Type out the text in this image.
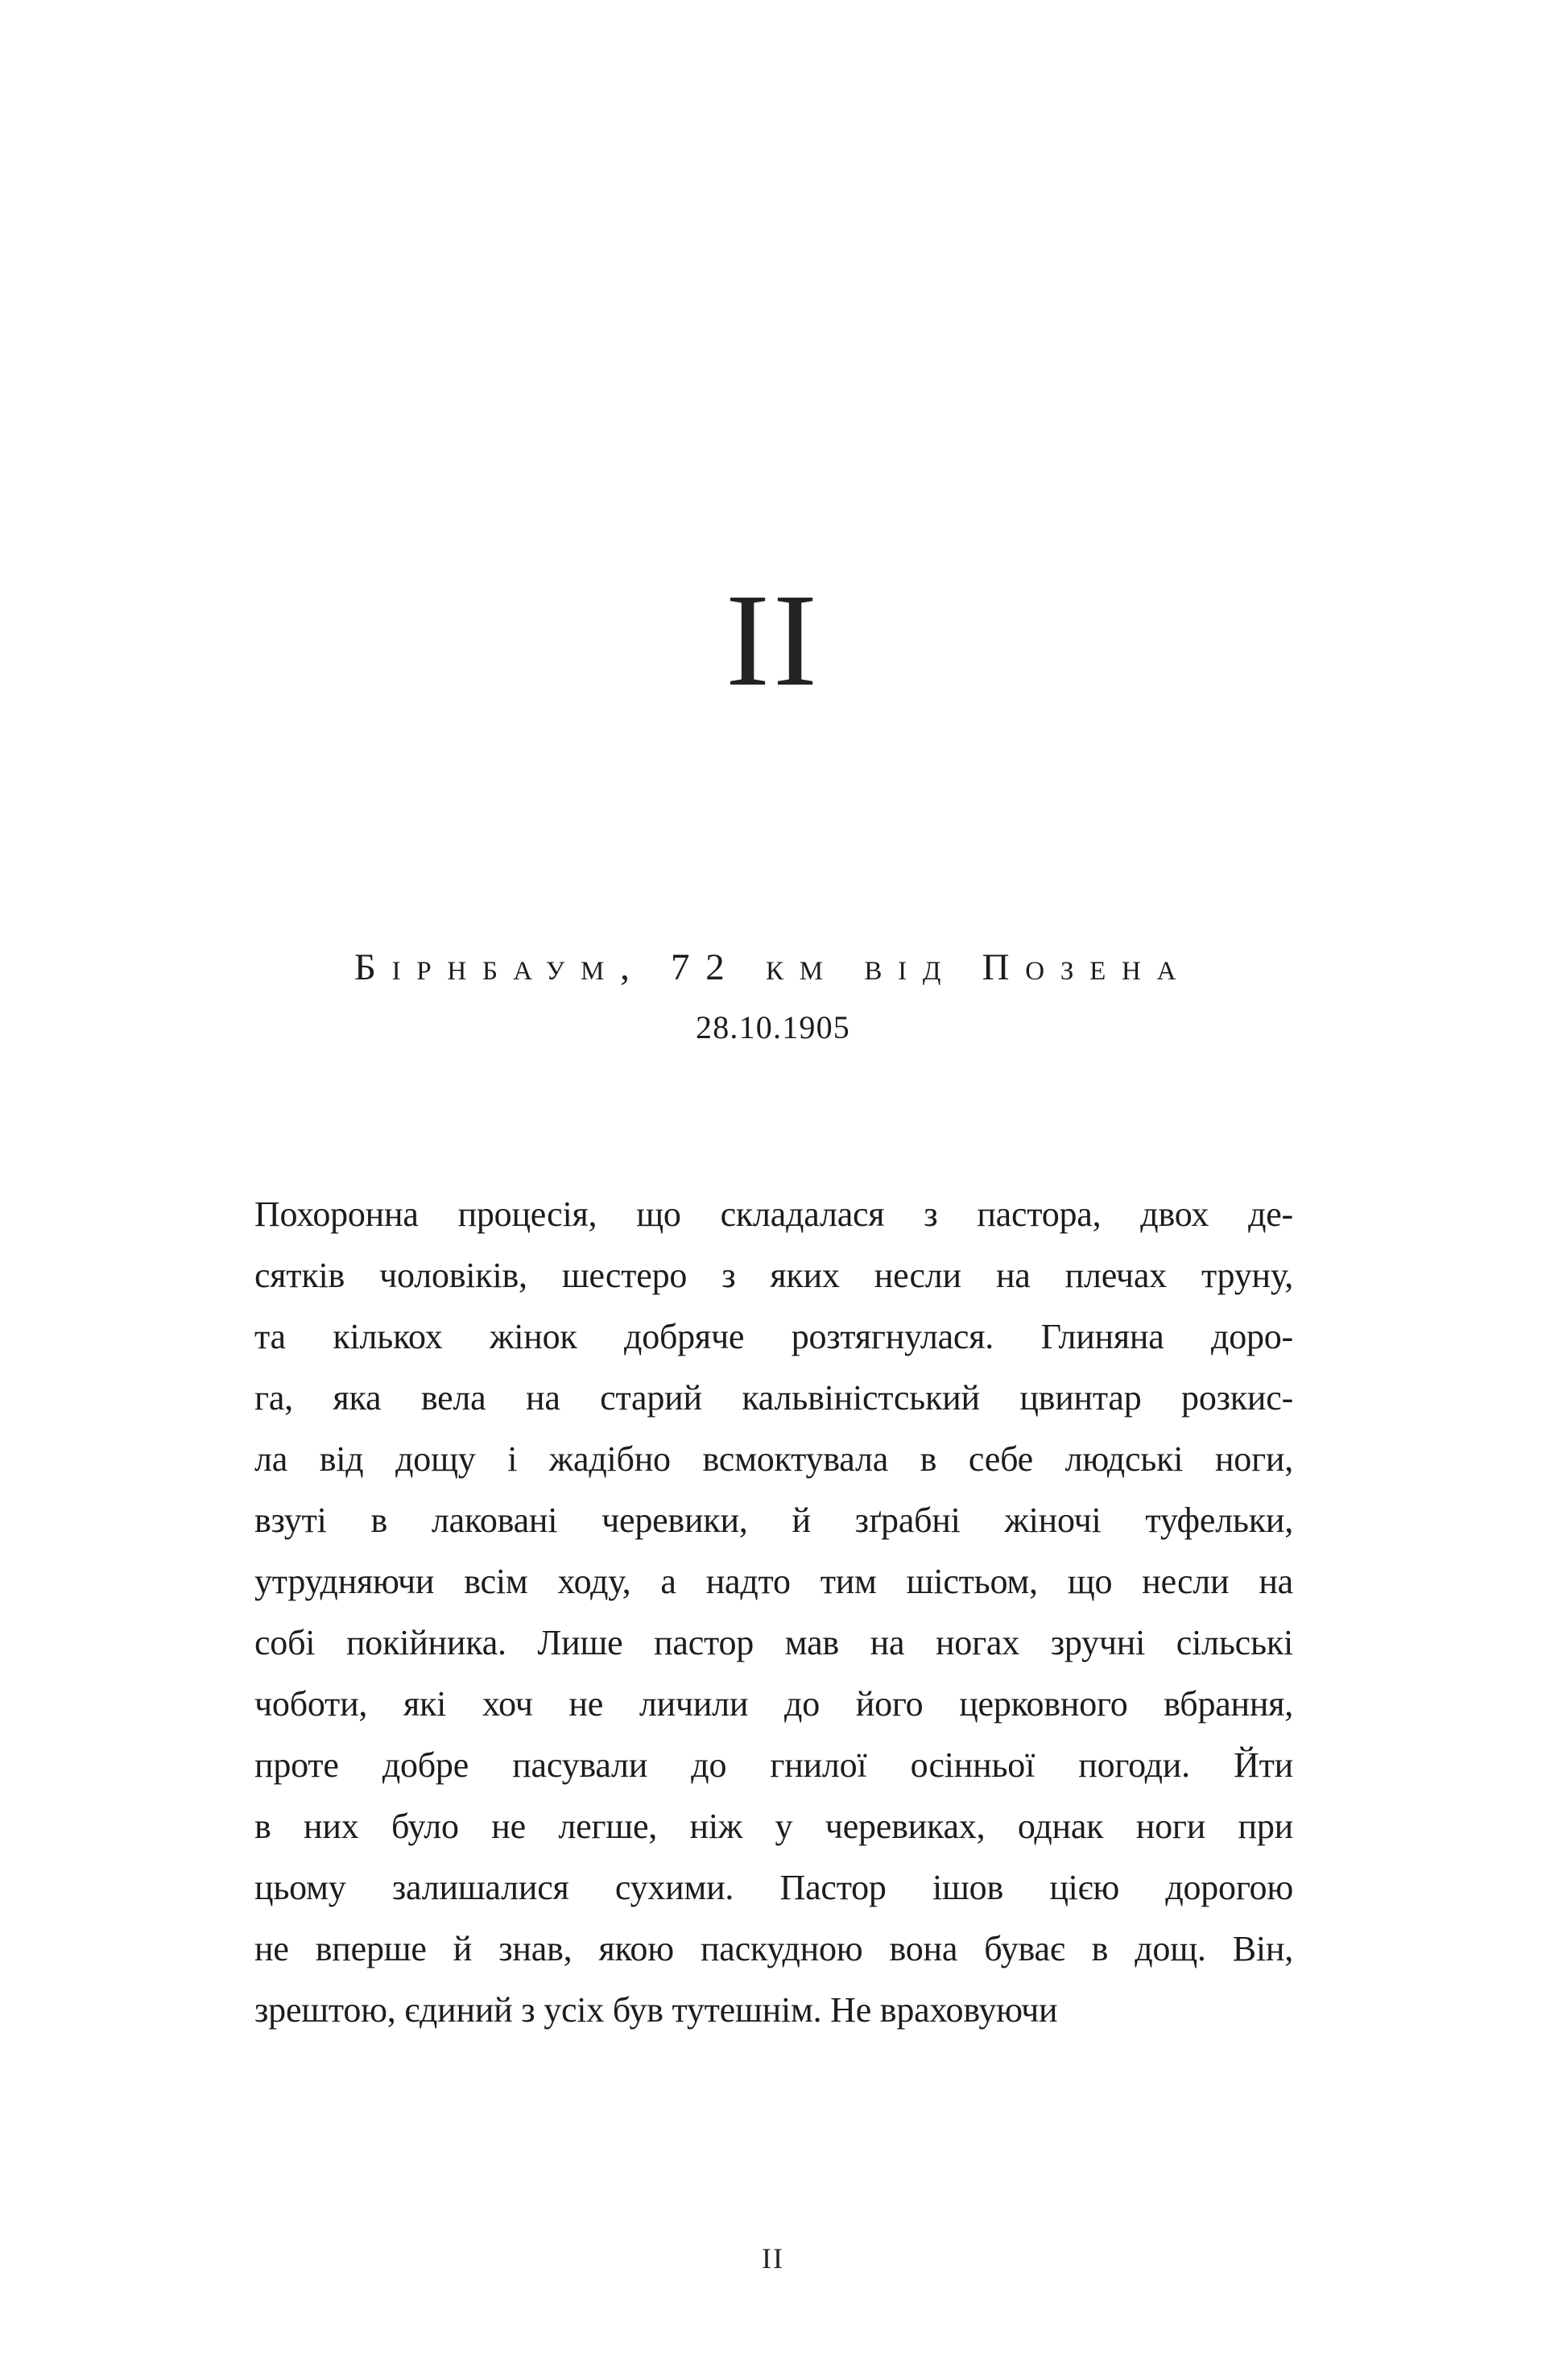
II
Бірнбаум, 72 км від Позена
28.10.1905
Похоронна процесія, що складалася з пастора, двох де-
сятків чоловіків, шестеро з яких несли на плечах труну,
та кількох жінок добряче розтягнулася. Глиняна доро-
га, яка вела на старий кальвіністський цвинтар розкис-
ла від дощу і жадібно всмоктувала в себе людські ноги,
взуті в лаковані черевики, й зґрабні жіночі туфельки,
утрудняючи всім ходу, а надто тим шістьом, що несли на
собі покійника. Лише пастор мав на ногах зручні сільські
чоботи, які хоч не личили до його церковного вбрання,
проте добре пасували до гнилої осінньої погоди. Йти
в них було не легше, ніж у черевиках, однак ноги при
цьому залишалися сухими. Пастор ішов цією дорогою
не вперше й знав, якою паскудною вона буває в дощ. Він,
зрештою, єдиний з усіх був тутешнім. Не враховуючи
II
